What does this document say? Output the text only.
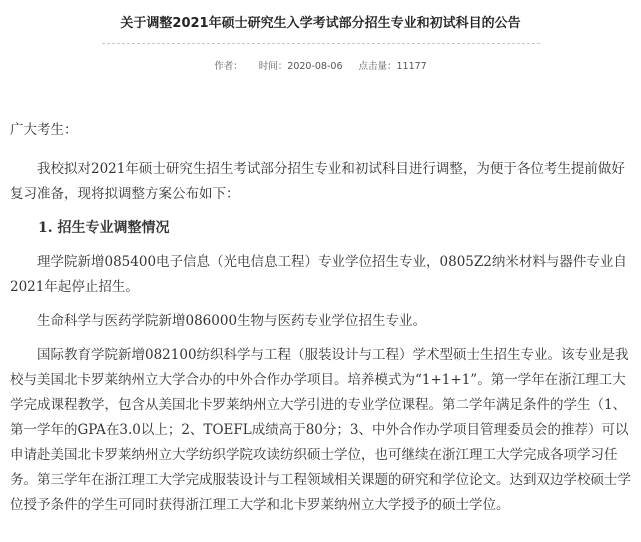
关于调整2021年硕士研究生入学考试部分招生专业和初试科目的公告
作者： 时间：2020-08-06 点击量：11177

广大考生：

我校拟对2021年硕士研究生招生考试部分招生专业和初试科目进行调整，为便于各位考生提前做好复习准备，现将拟调整方案公布如下：

1. 招生专业调整情况

理学院新增085400电子信息（光电信息工程）专业学位招生专业，0805Z2纳米材料与器件专业自2021年起停止招生。

生命科学与医药学院新增086000生物与医药专业学位招生专业。

国际教育学院新增082100纺织科学与工程（服装设计与工程）学术型硕士生招生专业。该专业是我校与美国北卡罗莱纳州立大学合办的中外合作办学项目。培养模式为“1+1+1”。第一学年在浙江理工大学完成课程教学，包含从美国北卡罗莱纳州立大学引进的专业学位课程。第二学年满足条件的学生（1、第一学年的GPA在3.0以上；2、TOEFL成绩高于80分；3、中外合作办学项目管理委员会的推荐）可以申请赴美国北卡罗莱纳州立大学纺织学院攻读纺织硕士学位，也可继续在浙江理工大学完成各项学习任务。第三学年在浙江理工大学完成服装设计与工程领域相关课题的研究和学位论文。达到双边学校硕士学位授予条件的学生可同时获得浙江理工大学和北卡罗莱纳州立大学授予的硕士学位。
